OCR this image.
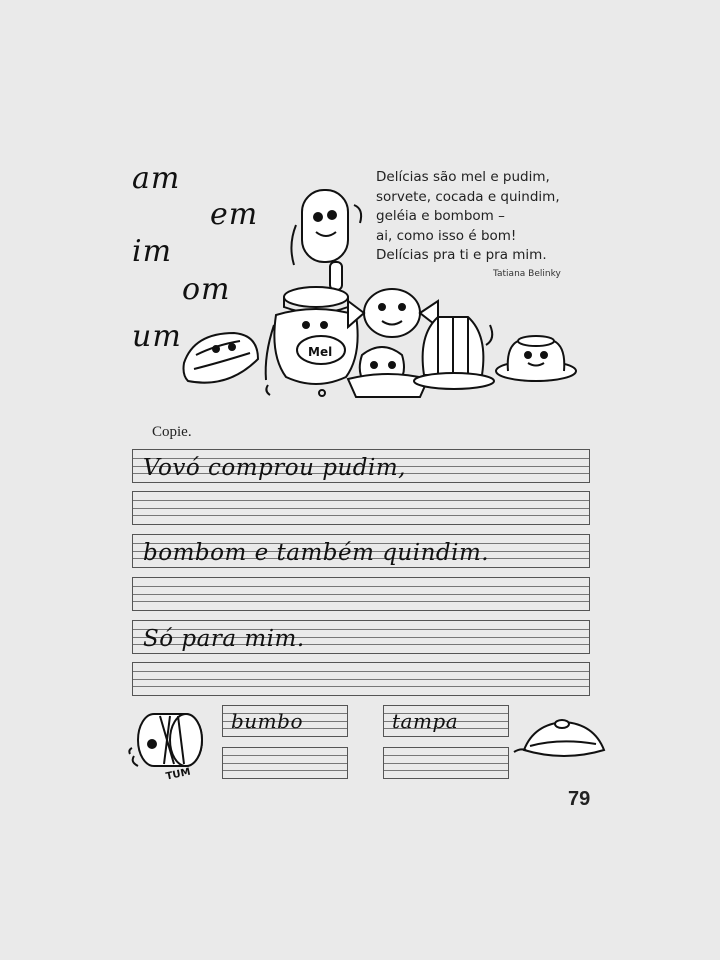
am
em
im
om
um
Delícias são mel e pudim,
sorvete, cocada e quindim,
geléia e bombom –
ai, como isso é bom!
Delícias pra ti e pra mim.
Tatiana Belinky
Mel
Copie.
Vovó comprou pudim,
bombom e também quindim.
Só para mim.
TUM
bumbo	tampa
79
